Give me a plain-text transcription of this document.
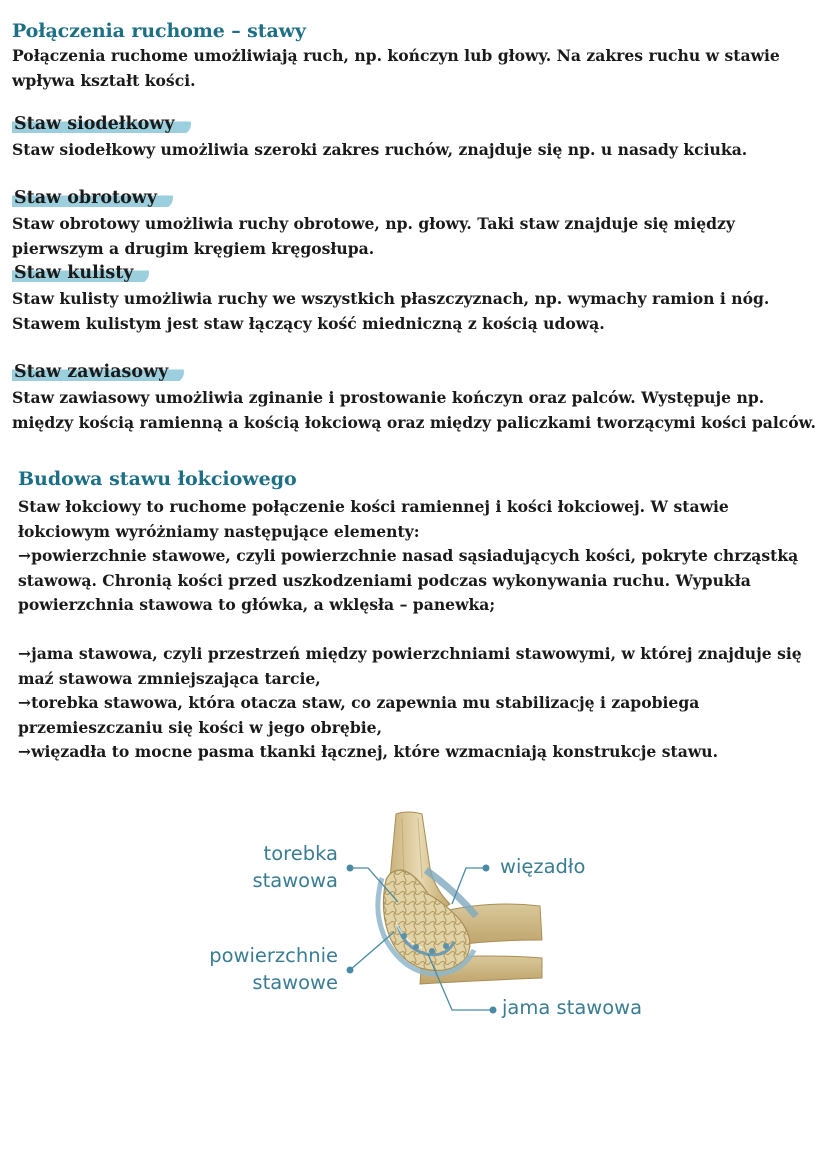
Połączenia ruchome – stawy

Połączenia ruchome umożliwiają ruch, np. kończyn lub głowy. Na zakres ruchu w stawie wpływa kształt kości.

Staw siodełkowy

Staw siodełkowy umożliwia szeroki zakres ruchów, znajduje się np. u nasady kciuka.

Staw obrotowy

Staw obrotowy umożliwia ruchy obrotowe, np. głowy. Taki staw znajduje się między pierwszym a drugim kręgiem kręgosłupa.

Staw kulisty

Staw kulisty umożliwia ruchy we wszystkich płaszczyznach, np. wymachy ramion i nóg. Stawem kulistym jest staw łączący kość miedniczną z kością udową.

Staw zawiasowy

Staw zawiasowy umożliwia zginanie i prostowanie kończyn oraz palców. Występuje np. między kością ramienną a kością łokciową oraz między paliczkami tworzącymi kości palców.

Budowa stawu łokciowego

Staw łokciowy to ruchome połączenie kości ramiennej i kości łokciowej. W stawie łokciowym wyróżniamy następujące elementy:

→powierzchnie stawowe, czyli powierzchnie nasad sąsiadujących kości, pokryte chrząstką stawową. Chronią kości przed uszkodzeniami podczas wykonywania ruchu. Wypukła powierzchnia stawowa to główka, a wklęsła – panewka;

→jama stawowa, czyli przestrzeń między powierzchniami stawowymi, w której znajduje się maź stawowa zmniejszająca tarcie,

→torebka stawowa, która otacza staw, co zapewnia mu stabilizację i zapobiega przemieszczaniu się kości w jego obrębie,

→więzadła to mocne pasma tkanki łącznej, które wzmacniają konstrukcje stawu.

torebka
stawowa
więzadło
powierzchnie
stawowe
jama stawowa
